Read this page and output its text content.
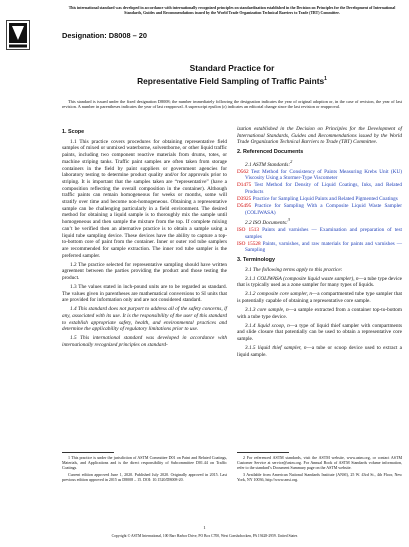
This international standard was developed in accordance with internationally recognized principles on standardization established in the Decision on Principles for the Development of International Standards, Guides and Recommendations issued by the World Trade Organization Technical Barriers to Trade (TBT) Committee.
Designation: D8008 – 20
Standard Practice for
Representative Field Sampling of Traffic Paints$^1$
This standard is issued under the fixed designation D8008; the number immediately following the designation indicates the year of original adoption or, in the case of revision, the year of last revision. A number in parentheses indicates the year of last reapproval. A superscript epsilon (ε) indicates an editorial change since the last revision or reapproval.
1. Scope

1.1 This practice covers procedures for obtaining representative field samples of mixed or unmixed waterborne, solventborne, or other liquid traffic paints, including two component reactive materials from drums, totes, or machine striping tanks. Traffic paint samples are often taken from storage containers in the field by paint suppliers or government agencies for laboratory testing to determine product quality and/or for approvals prior to striping. It is important that the samples taken are “representative” (have a composition reflecting the overall composition in the container). Although traffic paints can remain homogeneous for weeks or months, some will stratify over time and become non-homogeneous. Obtaining a representative sample can be challenging particularly in a field environment. The desired method for obtaining a liquid sample is to thoroughly mix the sample until homogeneous and then sample the mixture from the top. If complete mixing can’t be verified then an alternative practice is to obtain a sample using a liquid tube sampling device. These devices have the ability to capture a top-to-bottom core of paint from the container. Inner or outer rod tube samplers are recommended for sample extraction. The inner rod tube sampler is the preferred sampler.

1.2 The practice selected for representative sampling should have written agreement between the parties providing the product and those testing the product.

1.3 The values stated in inch-pound units are to be regarded as standard. The values given in parentheses are mathematical conversions to SI units that are provided for information only and are not considered standard.

1.4 This standard does not purport to address all of the safety concerns, if any, associated with its use. It is the responsibility of the user of this standard to establish appropriate safety, health, and environmental practices and determine the applicability of regulatory limitations prior to use.

1.5 This international standard was developed in accordance with internationally recognized principles on standard-

ization established in the Decision on Principles for the Development of International Standards, Guides and Recommendations issued by the World Trade Organization Technical Barriers to Trade (TBT) Committee.

2. Referenced Documents
2.1 ASTM Standards:$^2$
D562 Test Method for Consistency of Paints Measuring Krebs Unit (KU) Viscosity Using a Stormer-Type Viscometer
D1475 Test Method for Density of Liquid Coatings, Inks, and Related Products
D3925 Practice for Sampling Liquid Paints and Related Pigmented Coatings
D5495 Practice for Sampling With a Composite Liquid Waste Sampler (COLIWASA)
2.2 ISO Documents:$^3$
ISO 1513 Paints and varnishes — Examination and preparation of test samples
ISO 15528 Paints, varnishes, and raw materials for paints and varnishes — Sampling
3. Terminology

3.1 The following terms apply to this practice:

3.1.1 COLIWASA (composite liquid waste sampler), n—a tube type device that is typically used as a zone sampler for many types of liquids.

3.1.2 composite core sampler, n—a compartmented tube type sampler that is potentially capable of obtaining a representative core sample.

3.1.3 core sample, n—a sample extracted from a container top-to-bottom with a tube type device.

3.1.4 liquid scoop, n—a type of liquid thief sampler with compartments and slide closure that potentially can be used to obtain a representative core sample.

3.1.5 liquid thief sampler, n—a tube or scoop device used to extract a liquid sample.

1 This practice is under the jurisdiction of ASTM Committee D01 on Paint and Related Coatings, Materials, and Applications and is the direct responsibility of Subcommittee D01.44 on Traffic Coatings.

Current edition approved June 1, 2020. Published July 2020. Originally approved in 2015. Last previous edition approved in 2015 as D8008 – 15. DOI: 10.1520/D8008-20.

2 For referenced ASTM standards, visit the ASTM website, www.astm.org, or contact ASTM Customer Service at service@astm.org. For Annual Book of ASTM Standards volume information, refer to the standard’s Document Summary page on the ASTM website.

3 Available from American National Standards Institute (ANSI), 25 W. 43rd St., 4th Floor, New York, NY 10036, http://www.ansi.org.

1
Copyright © ASTM International, 100 Barr Harbor Drive, PO Box C700, West Conshohocken, PA 19428-2959. United States
